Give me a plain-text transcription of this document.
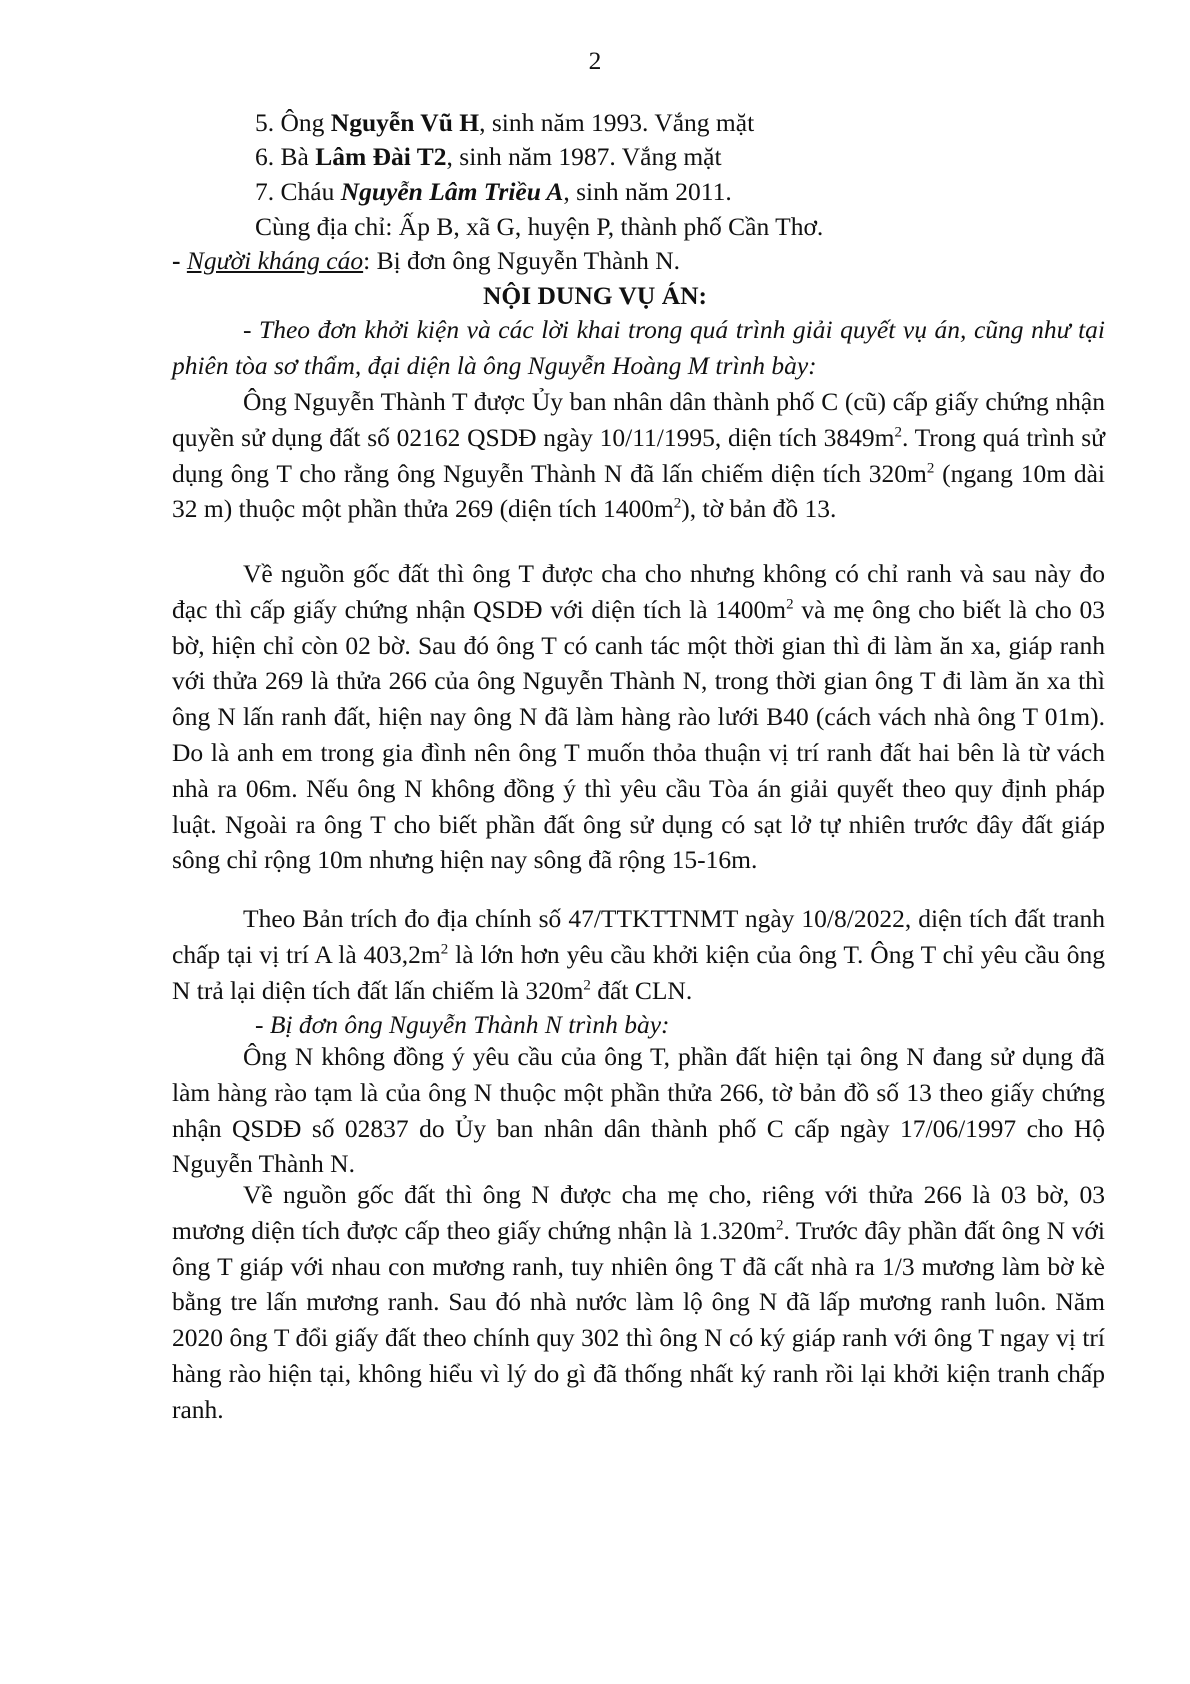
2
5. Ông Nguyễn Vũ H, sinh năm 1993. Vắng mặt
6. Bà Lâm Đài T2, sinh năm 1987. Vắng mặt
7. Cháu Nguyễn Lâm Triều A, sinh năm 2011.
Cùng địa chỉ: Ấp B, xã G, huyện P, thành phố Cần Thơ.
- Người kháng cáo: Bị đơn ông Nguyễn Thành N.
NỘI DUNG VỤ ÁN:
- Theo đơn khởi kiện và các lời khai trong quá trình giải quyết vụ án, cũng như tại phiên tòa sơ thẩm, đại diện là ông Nguyễn Hoàng M trình bày:
Ông Nguyễn Thành T được Ủy ban nhân dân thành phố C (cũ) cấp giấy chứng nhận quyền sử dụng đất số 02162 QSDĐ ngày 10/11/1995, diện tích $3849m^2$. Trong quá trình sử dụng ông T cho rằng ông Nguyễn Thành N đã lấn chiếm diện tích $320m^2$ (ngang 10m dài 32 m) thuộc một phần thửa 269 (diện tích $1400m^2$), tờ bản đồ 13.
Về nguồn gốc đất thì ông T được cha cho nhưng không có chỉ ranh và sau này đo đạc thì cấp giấy chứng nhận QSDĐ với diện tích là $1400m^2$ và mẹ ông cho biết là cho 03 bờ, hiện chỉ còn 02 bờ. Sau đó ông T có canh tác một thời gian thì đi làm ăn xa, giáp ranh với thửa 269 là thửa 266 của ông Nguyễn Thành N, trong thời gian ông T đi làm ăn xa thì ông N lấn ranh đất, hiện nay ông N đã làm hàng rào lưới B40 (cách vách nhà ông T 01m). Do là anh em trong gia đình nên ông T muốn thỏa thuận vị trí ranh đất hai bên là từ vách nhà ra 06m. Nếu ông N không đồng ý thì yêu cầu Tòa án giải quyết theo quy định pháp luật. Ngoài ra ông T cho biết phần đất ông sử dụng có sạt lở tự nhiên trước đây đất giáp sông chỉ rộng 10m nhưng hiện nay sông đã rộng 15-16m.
Theo Bản trích đo địa chính số 47/TTKTTNMT ngày 10/8/2022, diện tích đất tranh chấp tại vị trí A là $403,2m^2$ là lớn hơn yêu cầu khởi kiện của ông T. Ông T chỉ yêu cầu ông N trả lại diện tích đất lấn chiếm là $320m^2$ đất CLN.
- Bị đơn ông Nguyễn Thành N trình bày:
Ông N không đồng ý yêu cầu của ông T, phần đất hiện tại ông N đang sử dụng đã làm hàng rào tạm là của ông N thuộc một phần thửa 266, tờ bản đồ số 13 theo giấy chứng nhận QSDĐ số 02837 do Ủy ban nhân dân thành phố C cấp ngày 17/06/1997 cho Hộ Nguyễn Thành N.
Về nguồn gốc đất thì ông N được cha mẹ cho, riêng với thửa 266 là 03 bờ, 03 mương diện tích được cấp theo giấy chứng nhận là $1.320m^2$. Trước đây phần đất ông N với ông T giáp với nhau con mương ranh, tuy nhiên ông T đã cất nhà ra 1/3 mương làm bờ kè bằng tre lấn mương ranh. Sau đó nhà nước làm lộ ông N đã lấp mương ranh luôn. Năm 2020 ông T đổi giấy đất theo chính quy 302 thì ông N có ký giáp ranh với ông T ngay vị trí hàng rào hiện tại, không hiểu vì lý do gì đã thống nhất ký ranh rồi lại khởi kiện tranh chấp ranh.
